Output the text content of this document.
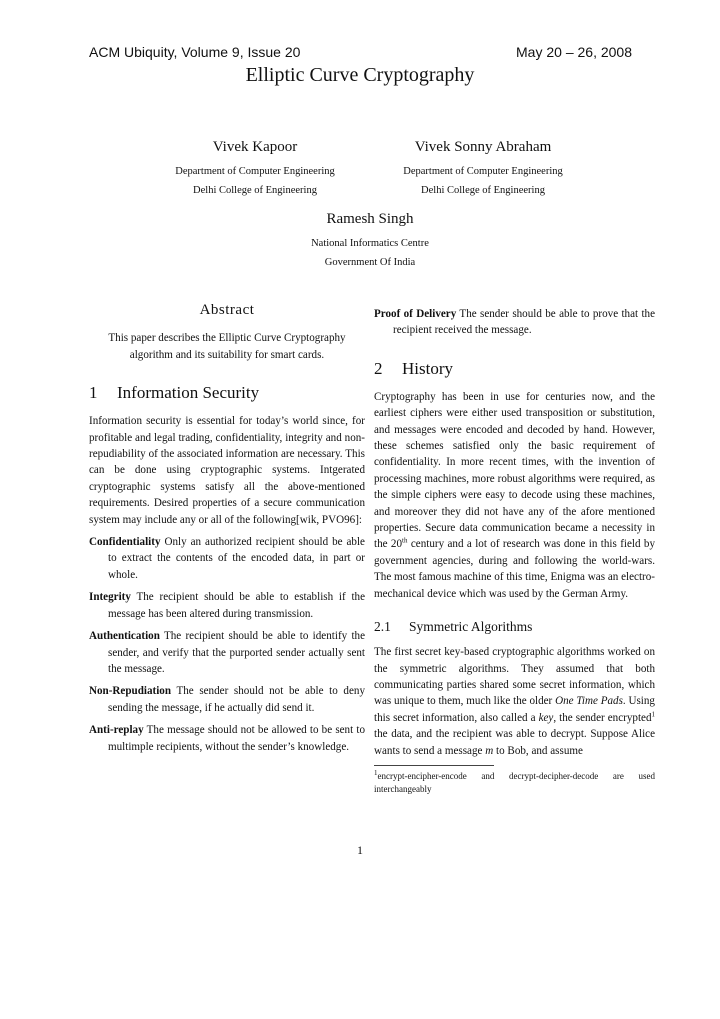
ACM Ubiquity, Volume 9, Issue 20	May 20 – 26, 2008
Elliptic Curve Cryptography
Vivek Kapoor
Department of Computer Engineering
Delhi College of Engineering
Vivek Sonny Abraham
Department of Computer Engineering
Delhi College of Engineering
Ramesh Singh
National Informatics Centre
Government Of India
Abstract

This paper describes the Elliptic Curve Cryptography algorithm and its suitability for smart cards.

1 Information Security

Information security is essential for today’s world since, for profitable and legal trading, confidentiality, integrity and non-repudiability of the associated information are necessary. This can be done using cryptographic systems. Intgerated cryptographic systems satisfy all the above-mentioned requirements. Desired properties of a secure communication system may include any or all of the following[wik, PVO96]:

Confidentiality Only an authorized recipient should be able to extract the contents of the encoded data, in part or whole.

Integrity The recipient should be able to establish if the message has been altered during transmission.

Authentication The recipient should be able to identify the sender, and verify that the purported sender actually sent the message.

Non-Repudiation The sender should not be able to deny sending the message, if he actually did send it.

Anti-replay The message should not be allowed to be sent to multimple recipients, without the sender’s knowledge.

Proof of Delivery The sender should be able to prove that the recipient received the message.

2 History

Cryptography has been in use for centuries now, and the earliest ciphers were either used transposition or substitution, and messages were encoded and decoded by hand. However, these schemes satisfied only the basic requirement of confidentiality. In more recent times, with the invention of processing machines, more robust algorithms were required, as the simple ciphers were easy to decode using these machines, and moreover they did not have any of the afore mentioned properties. Secure data communication became a necessity in the 20th century and a lot of research was done in this field by government agencies, during and following the world-wars. The most famous machine of this time, Enigma was an electro-mechanical device which was used by the German Army.

2.1 Symmetric Algorithms

The first secret key-based cryptographic algorithms worked on the symmetric algorithms. They assumed that both communicating parties shared some secret information, which was unique to them, much like the older One Time Pads. Using this secret information, also called a key, the sender encrypted$^1$ the data, and the recipient was able to decrypt. Suppose Alice wants to send a message m to Bob, and assume

$^1$encrypt-encipher-encode and decrypt-decipher-decode are used interchangeably

1
